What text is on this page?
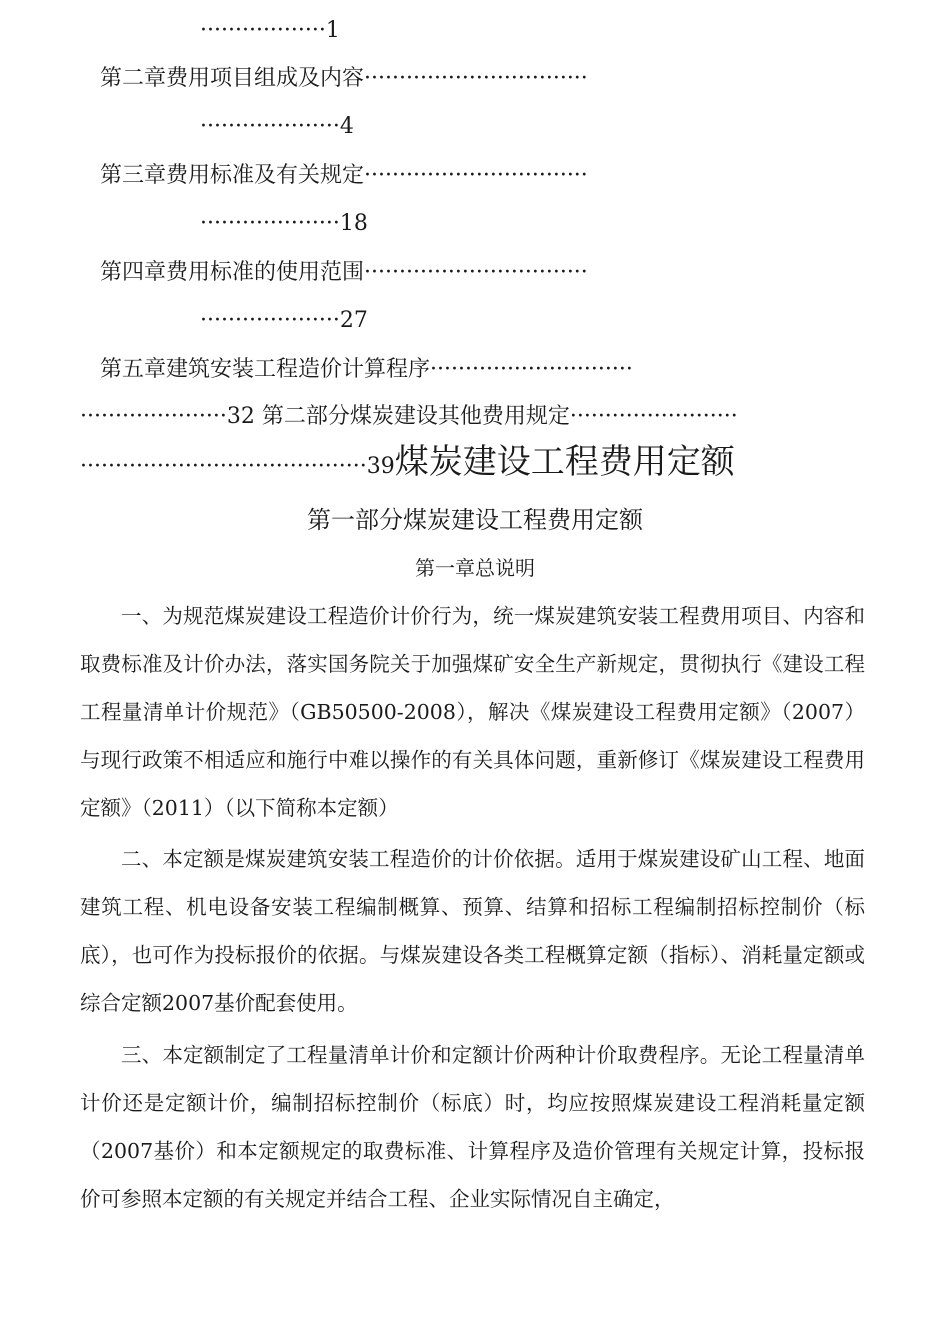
··················1
第二章费用项目组成及内容································
····················4
第三章费用标准及有关规定································
····················18
第四章费用标准的使用范围································
····················27
第五章建筑安装工程造价计算程序·····························
·····················32 第二部分煤炭建设其他费用规定························
·········································39煤炭建设工程费用定额
第一部分煤炭建设工程费用定额
第一章总说明
一、为规范煤炭建设工程造价计价行为，统一煤炭建筑安装工程费用项目、内容和取费标准及计价办法，落实国务院关于加强煤矿安全生产新规定，贯彻执行《建设工程工程量清单计价规范》（GB50500-2008），解决《煤炭建设工程费用定额》（2007）与现行政策不相适应和施行中难以操作的有关具体问题，重新修订《煤炭建设工程费用定额》（2011）（以下简称本定额）
二、本定额是煤炭建筑安装工程造价的计价依据。适用于煤炭建设矿山工程、地面建筑工程、机电设备安装工程编制概算、预算、结算和招标工程编制招标控制价（标底），也可作为投标报价的依据。与煤炭建设各类工程概算定额（指标）、消耗量定额或综合定额2007基价配套使用。
三、本定额制定了工程量清单计价和定额计价两种计价取费程序。无论工程量清单计价还是定额计价，编制招标控制价（标底）时，均应按照煤炭建设工程消耗量定额（2007基价）和本定额规定的取费标准、计算程序及造价管理有关规定计算，投标报价可参照本定额的有关规定并结合工程、企业实际情况自主确定，
